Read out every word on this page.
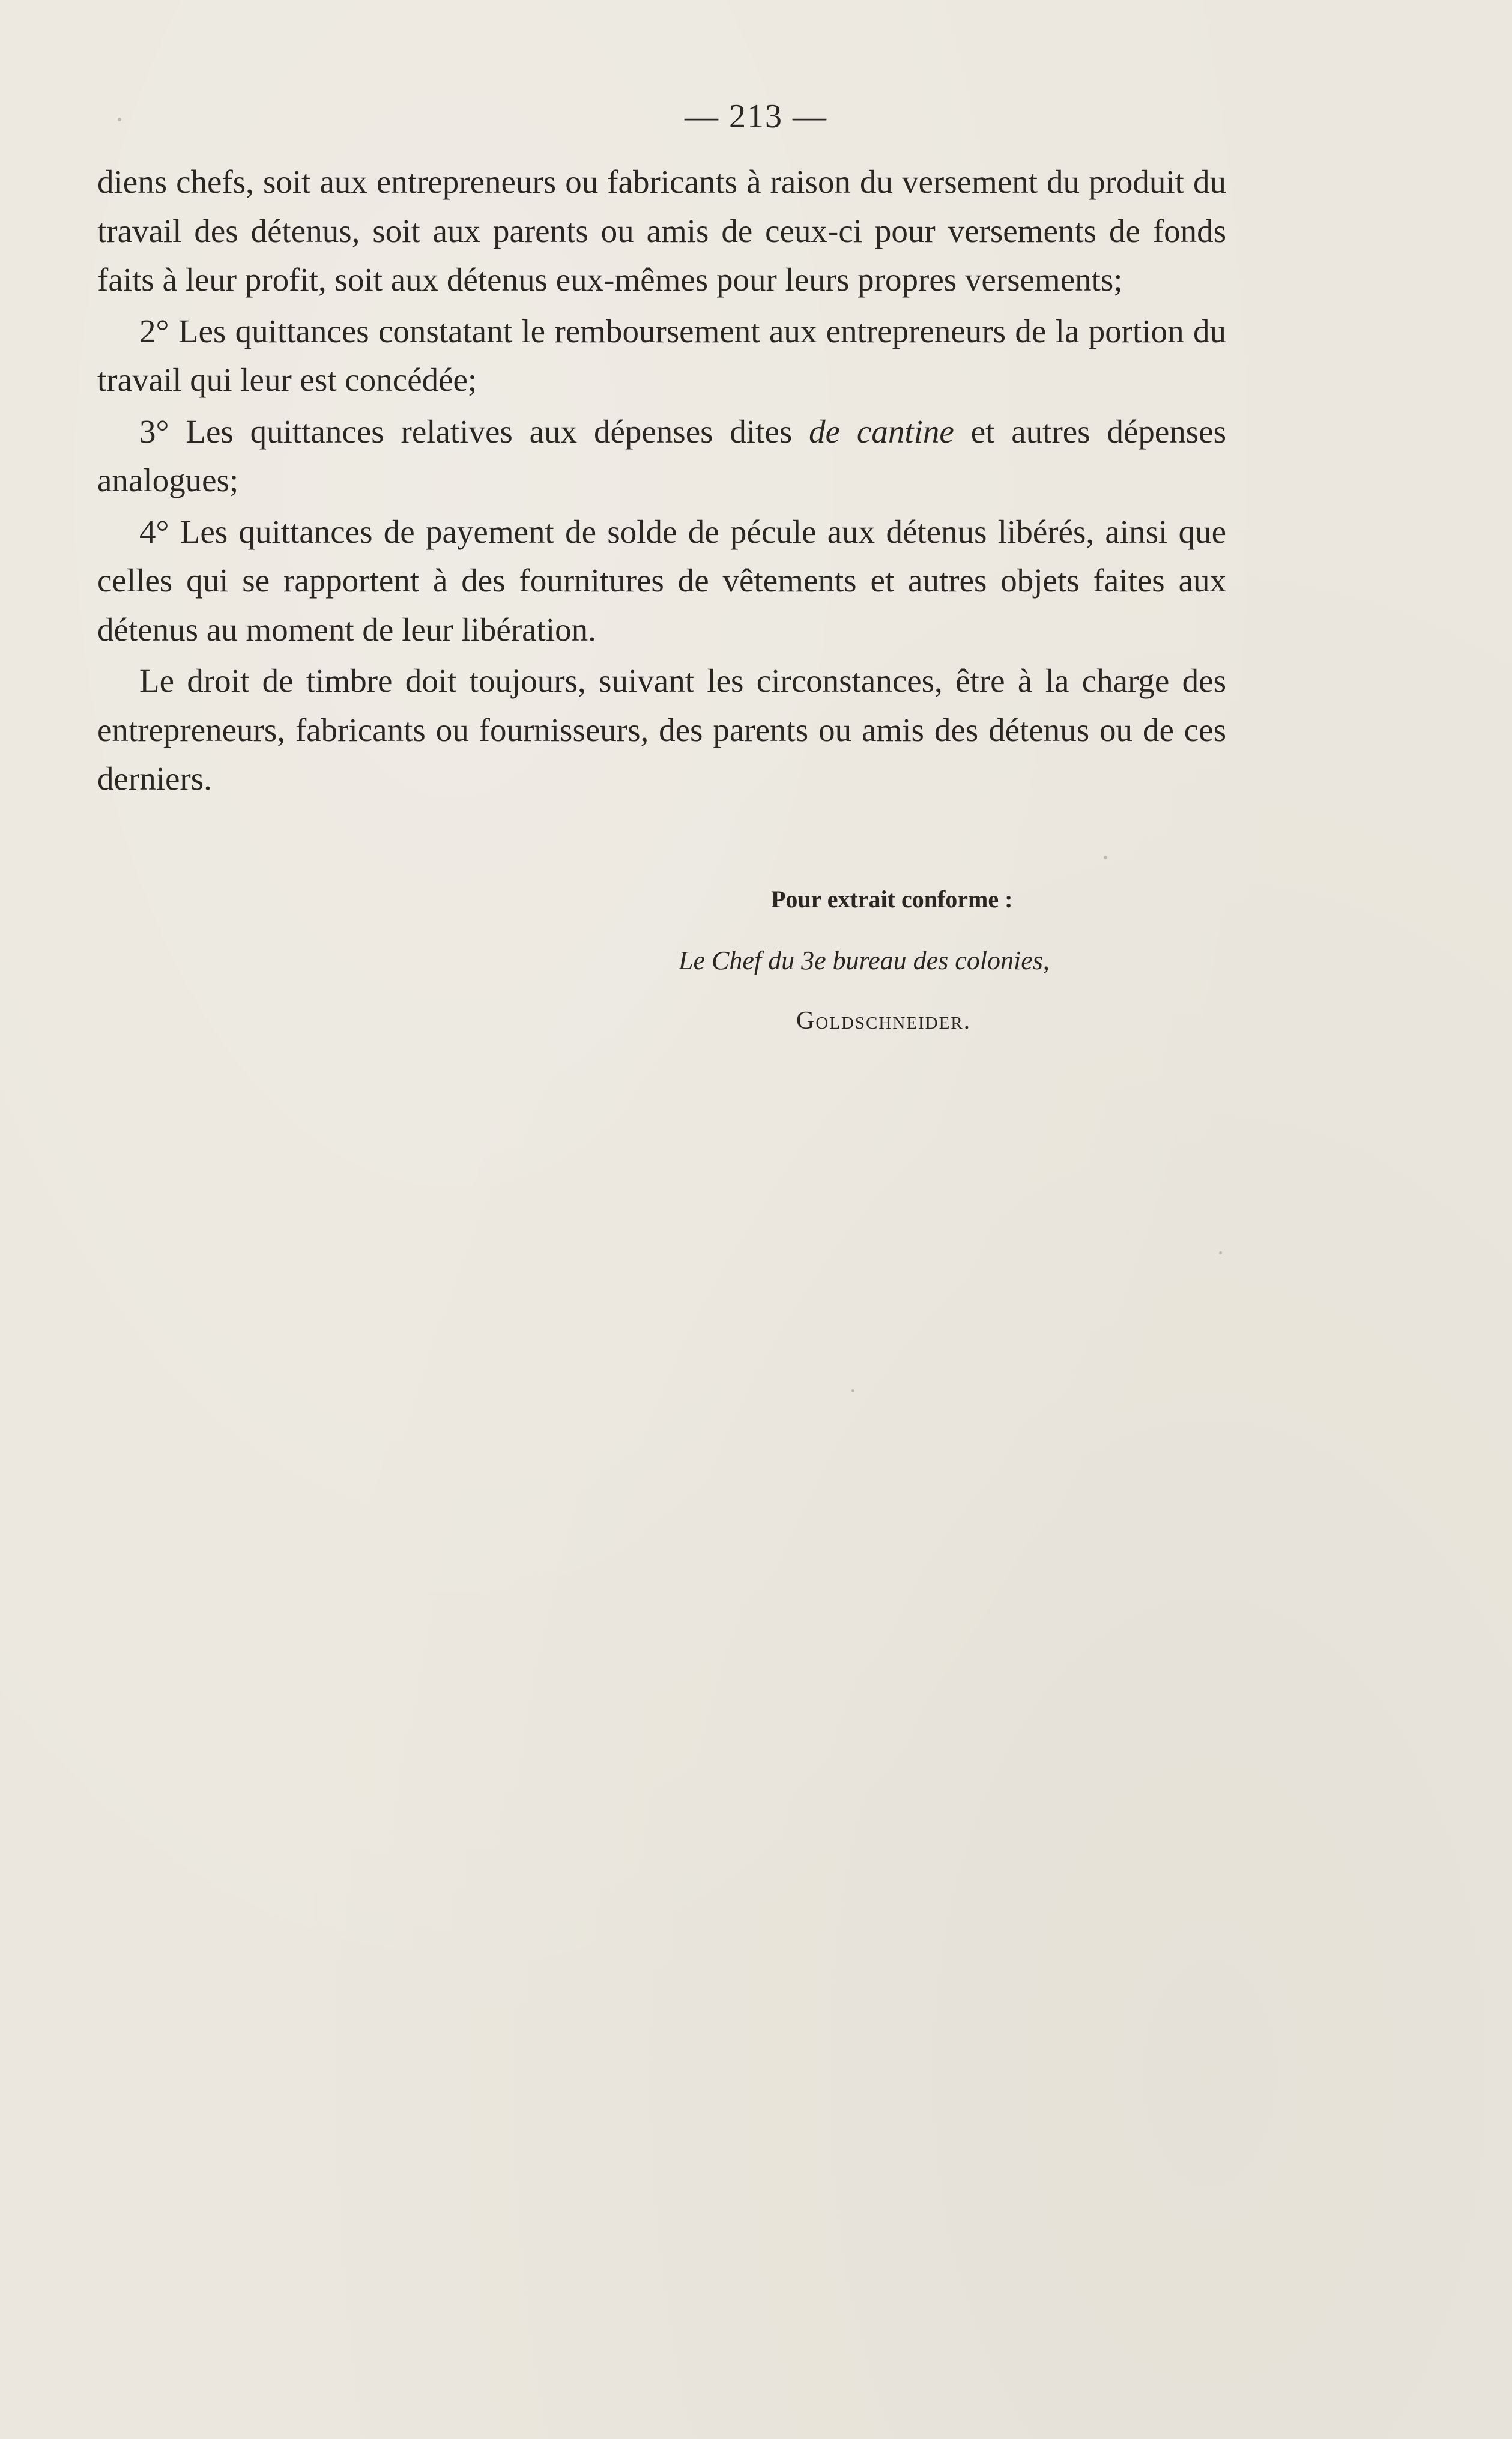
— 213 —

diens chefs, soit aux entrepreneurs ou fabricants à raison du versement du produit du travail des détenus, soit aux parents ou amis de ceux-ci pour versements de fonds faits à leur profit, soit aux détenus eux-mêmes pour leurs propres versements;

2° Les quittances constatant le remboursement aux entrepreneurs de la portion du travail qui leur est concédée;

3° Les quittances relatives aux dépenses dites de cantine et autres dépenses analogues;

4° Les quittances de payement de solde de pécule aux détenus libérés, ainsi que celles qui se rapportent à des fournitures de vêtements et autres objets faites aux détenus au moment de leur libération.

Le droit de timbre doit toujours, suivant les circonstances, être à la charge des entrepreneurs, fabricants ou fournisseurs, des parents ou amis des détenus ou de ces derniers.

Pour extrait conforme :
Le Chef du 3e bureau des colonies,
Goldschneider.
